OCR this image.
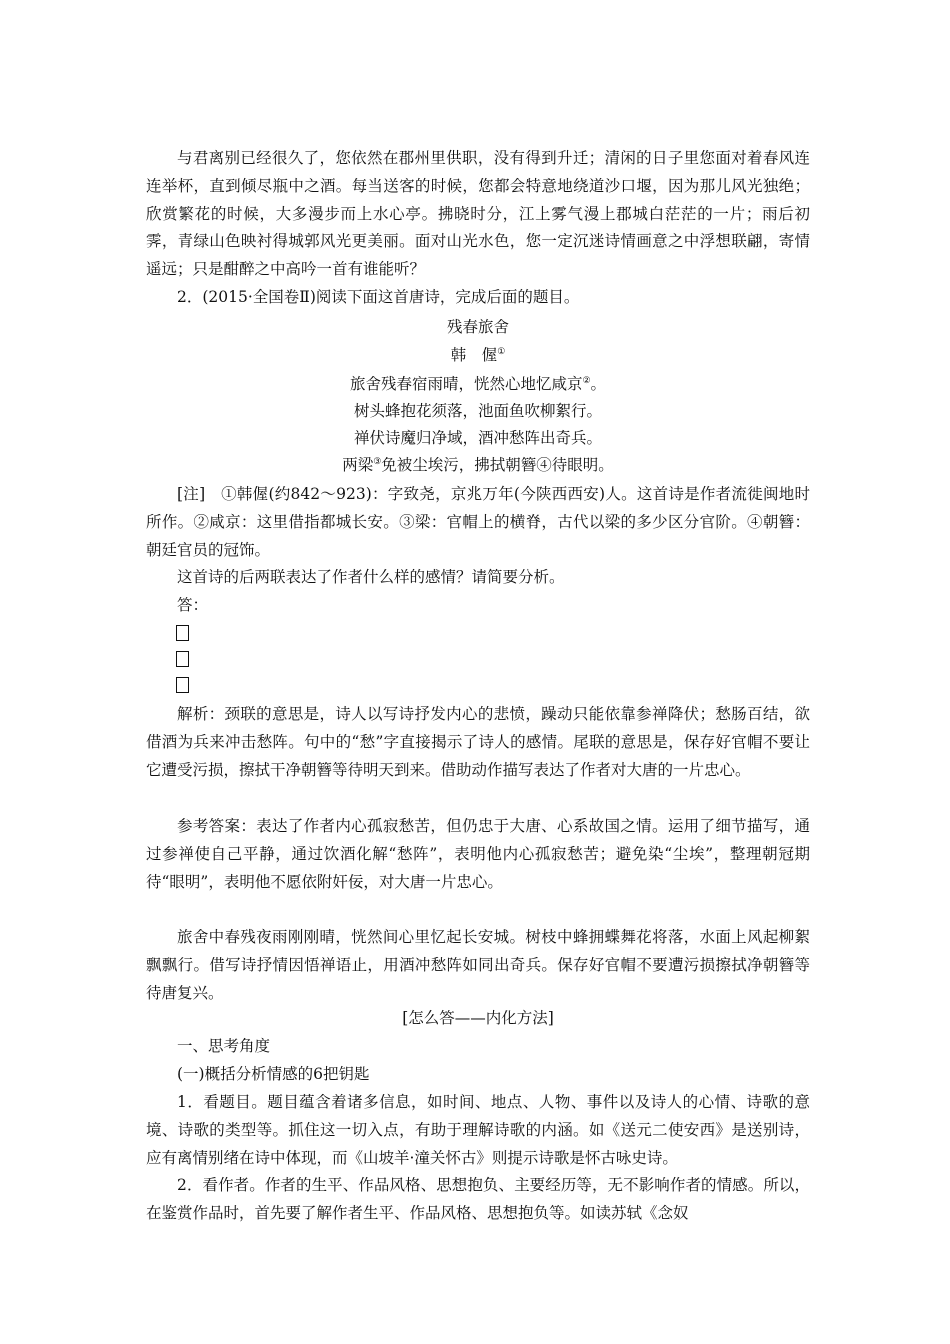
与君离别已经很久了，您依然在郡州里供职，没有得到升迁；清闲的日子里您面对着春风连连举杯，直到倾尽瓶中之酒。每当送客的时候，您都会特意地绕道沙口堰，因为那儿风光独绝；欣赏繁花的时候，大多漫步而上水心亭。拂晓时分，江上雾气漫上郡城白茫茫的一片；雨后初霁，青绿山色映衬得城郭风光更美丽。面对山光水色，您一定沉迷诗情画意之中浮想联翩，寄情遥远；只是酣醉之中高吟一首有谁能听？

2．(2015·全国卷Ⅱ)阅读下面这首唐诗，完成后面的题目。

残春旅舍
韩　偓①
旅舍残春宿雨晴，恍然心地忆咸京②。
树头蜂抱花须落，池面鱼吹柳絮行。
禅伏诗魔归净域，酒冲愁阵出奇兵。
两梁③免被尘埃污，拂拭朝簪④待眼明。

[注]　①韩偓(约842～923)：字致尧，京兆万年(今陕西西安)人。这首诗是作者流徙闽地时所作。②咸京：这里借指都城长安。③梁：官帽上的横脊，古代以梁的多少区分官阶。④朝簪：朝廷官员的冠饰。

这首诗的后两联表达了作者什么样的感情？请简要分析。

答：

解析：颈联的意思是，诗人以写诗抒发内心的悲愤，躁动只能依靠参禅降伏；愁肠百结，欲借酒为兵来冲击愁阵。句中的“愁”字直接揭示了诗人的感情。尾联的意思是，保存好官帽不要让它遭受污损，擦拭干净朝簪等待明天到来。借助动作描写表达了作者对大唐的一片忠心。

参考答案：表达了作者内心孤寂愁苦，但仍忠于大唐、心系故国之情。运用了细节描写，通过参禅使自己平静，通过饮酒化解“愁阵”，表明他内心孤寂愁苦；避免染“尘埃”，整理朝冠期待“眼明”，表明他不愿依附奸佞，对大唐一片忠心。

旅舍中春残夜雨刚刚晴，恍然间心里忆起长安城。树枝中蜂拥蝶舞花将落，水面上风起柳絮飘飘行。借写诗抒情因悟禅语止，用酒冲愁阵如同出奇兵。保存好官帽不要遭污损擦拭净朝簪等待唐复兴。

[怎么答——内化方法]

一、思考角度

(一)概括分析情感的6把钥匙

1．看题目。题目蕴含着诸多信息，如时间、地点、人物、事件以及诗人的心情、诗歌的意境、诗歌的类型等。抓住这一切入点，有助于理解诗歌的内涵。如《送元二使安西》是送别诗，应有离情别绪在诗中体现，而《山坡羊·潼关怀古》则提示诗歌是怀古咏史诗。

2．看作者。作者的生平、作品风格、思想抱负、主要经历等，无不影响作者的情感。所以，在鉴赏作品时，首先要了解作者生平、作品风格、思想抱负等。如读苏轼《念奴
